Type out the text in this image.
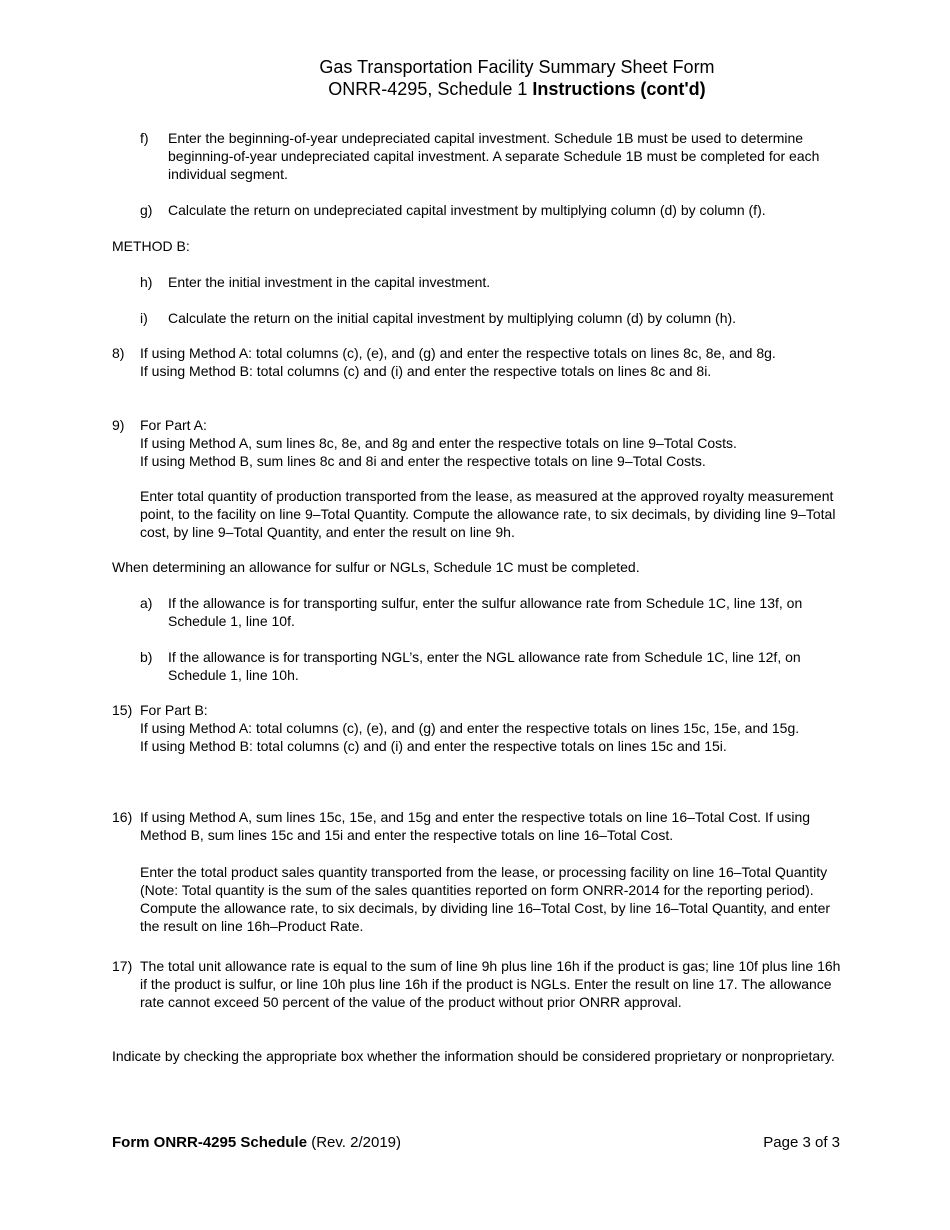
Gas Transportation Facility Summary Sheet Form
ONRR-4295, Schedule 1 Instructions (cont'd)
f) Enter the beginning-of-year undepreciated capital investment. Schedule 1B must be used to determine beginning-of-year undepreciated capital investment. A separate Schedule 1B must be completed for each individual segment.
g) Calculate the return on undepreciated capital investment by multiplying column (d) by column (f).
METHOD B:
h) Enter the initial investment in the capital investment.
i) Calculate the return on the initial capital investment by multiplying column (d) by column (h).
8) If using Method A: total columns (c), (e), and (g) and enter the respective totals on lines 8c, 8e, and 8g.
If using Method B: total columns (c) and (i) and enter the respective totals on lines 8c and 8i.
9) For Part A:
If using Method A, sum lines 8c, 8e, and 8g and enter the respective totals on line 9–Total Costs.
If using Method B, sum lines 8c and 8i and enter the respective totals on line 9–Total Costs.
Enter total quantity of production transported from the lease, as measured at the approved royalty measurement point, to the facility on line 9–Total Quantity. Compute the allowance rate, to six decimals, by dividing line 9–Total cost, by line 9–Total Quantity, and enter the result on line 9h.
When determining an allowance for sulfur or NGLs, Schedule 1C must be completed.
a) If the allowance is for transporting sulfur, enter the sulfur allowance rate from Schedule 1C, line 13f, on Schedule 1, line 10f.
b) If the allowance is for transporting NGL’s, enter the NGL allowance rate from Schedule 1C, line 12f, on Schedule 1, line 10h.
15) For Part B:
If using Method A: total columns (c), (e), and (g) and enter the respective totals on lines 15c, 15e, and 15g.
If using Method B: total columns (c) and (i) and enter the respective totals on lines 15c and 15i.
16) If using Method A, sum lines 15c, 15e, and 15g and enter the respective totals on line 16–Total Cost. If using Method B, sum lines 15c and 15i and enter the respective totals on line 16–Total Cost.
Enter the total product sales quantity transported from the lease, or processing facility on line 16–Total Quantity (Note: Total quantity is the sum of the sales quantities reported on form ONRR-2014 for the reporting period). Compute the allowance rate, to six decimals, by dividing line 16–Total Cost, by line 16–Total Quantity, and enter the result on line 16h–Product Rate.
17) The total unit allowance rate is equal to the sum of line 9h plus line 16h if the product is gas; line 10f plus line 16h if the product is sulfur, or line 10h plus line 16h if the product is NGLs. Enter the result on line 17. The allowance rate cannot exceed 50 percent of the value of the product without prior ONRR approval.
Indicate by checking the appropriate box whether the information should be considered proprietary or nonproprietary.
Form ONRR-4295 Schedule (Rev. 2/2019)	Page 3 of 3
